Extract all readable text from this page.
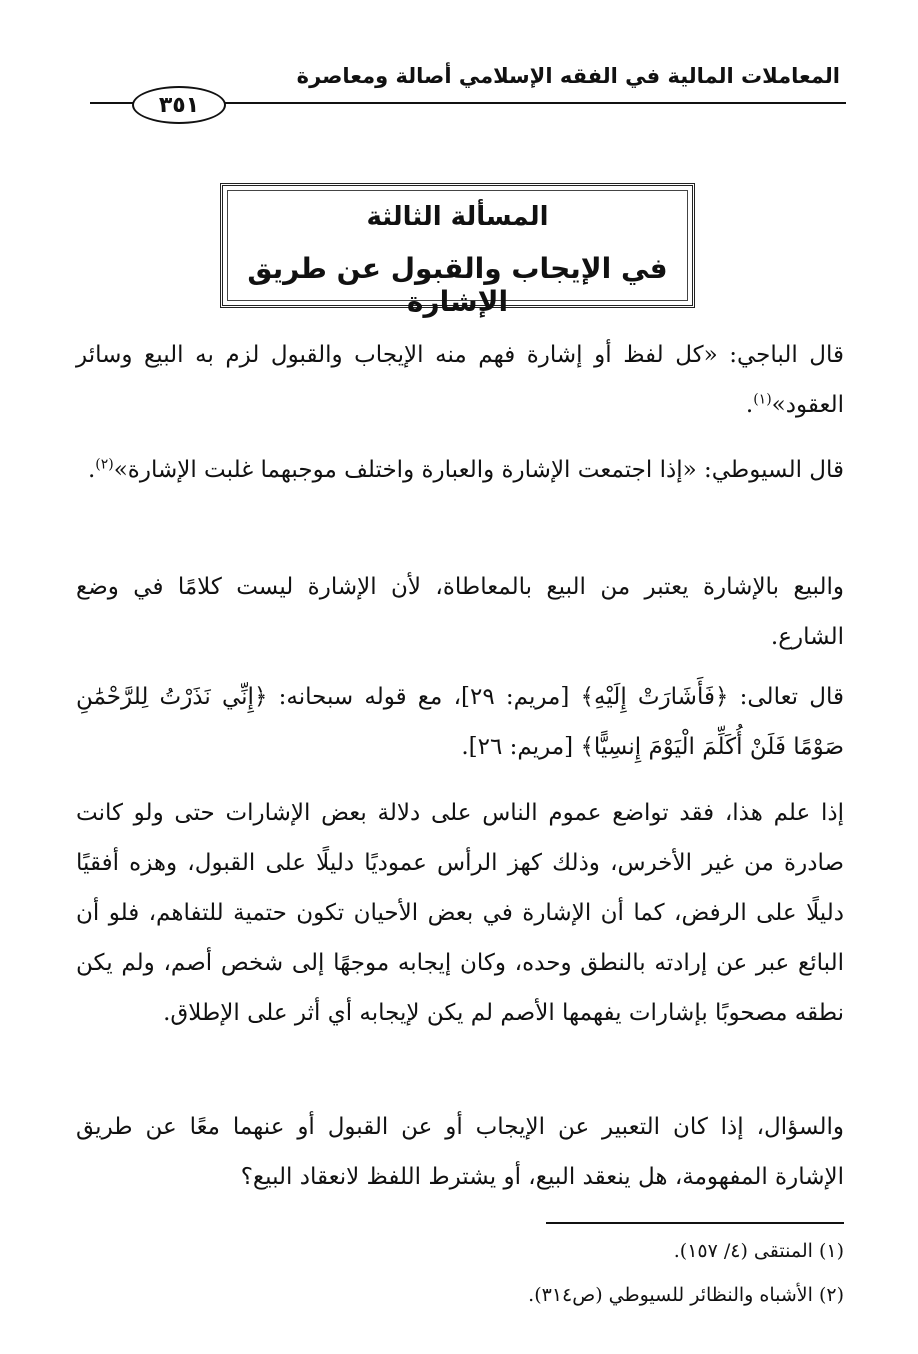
المعاملات المالية في الفقه الإسلامي أصالة ومعاصرة
٣٥١
المسألة الثالثة
في الإيجاب والقبول عن طريق الإشارة
قال الباجي: «كل لفظ أو إشارة فهم منه الإيجاب والقبول لزم به البيع وسائر العقود»$^{(١)}$.
قال السيوطي: «إذا اجتمعت الإشارة والعبارة واختلف موجبهما غلبت الإشارة»$^{(٢)}$.
والبيع بالإشارة يعتبر من البيع بالمعاطاة، لأن الإشارة ليست كلامًا في وضع الشارع.
قال تعالى: ﴿فَأَشَارَتْ إِلَيْهِ﴾ [مريم: ٢٩]، مع قوله سبحانه: ﴿إِنِّي نَذَرْتُ لِلرَّحْمَٰنِ صَوْمًا فَلَنْ أُكَلِّمَ الْيَوْمَ إِنسِيًّا﴾ [مريم: ٢٦].
إذا علم هذا، فقد تواضع عموم الناس على دلالة بعض الإشارات حتى ولو كانت صادرة من غير الأخرس، وذلك كهز الرأس عموديًا دليلًا على القبول، وهزه أفقيًا دليلًا على الرفض، كما أن الإشارة في بعض الأحيان تكون حتمية للتفاهم، فلو أن البائع عبر عن إرادته بالنطق وحده، وكان إيجابه موجهًا إلى شخص أصم، ولم يكن نطقه مصحوبًا بإشارات يفهمها الأصم لم يكن لإيجابه أي أثر على الإطلاق.
والسؤال، إذا كان التعبير عن الإيجاب أو عن القبول أو عنهما معًا عن طريق الإشارة المفهومة، هل ينعقد البيع، أو يشترط اللفظ لانعقاد البيع؟
(١) المنتقى (٤/ ١٥٧).
(٢) الأشباه والنظائر للسيوطي (ص٣١٤).
